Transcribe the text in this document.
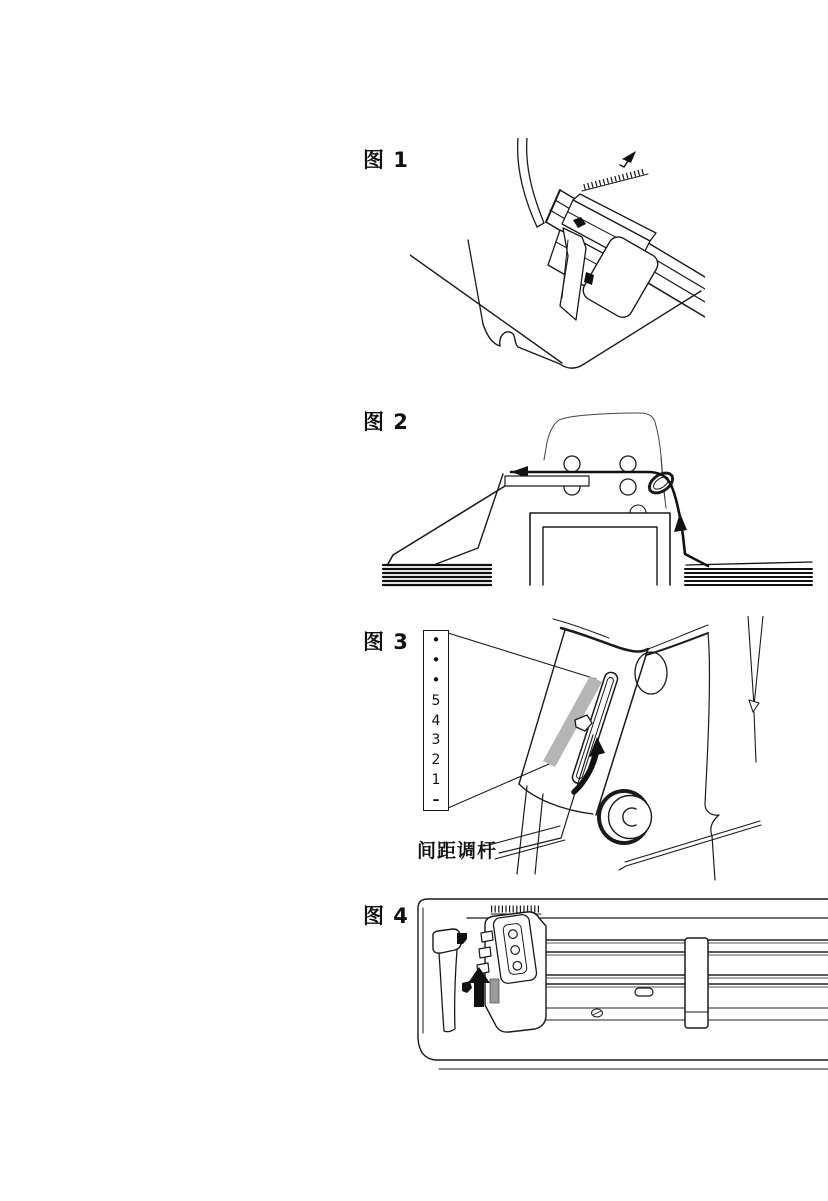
图 1
图 2
图 3	•
•
•
5
4
3
2
1
–
间距调杆
图 4
